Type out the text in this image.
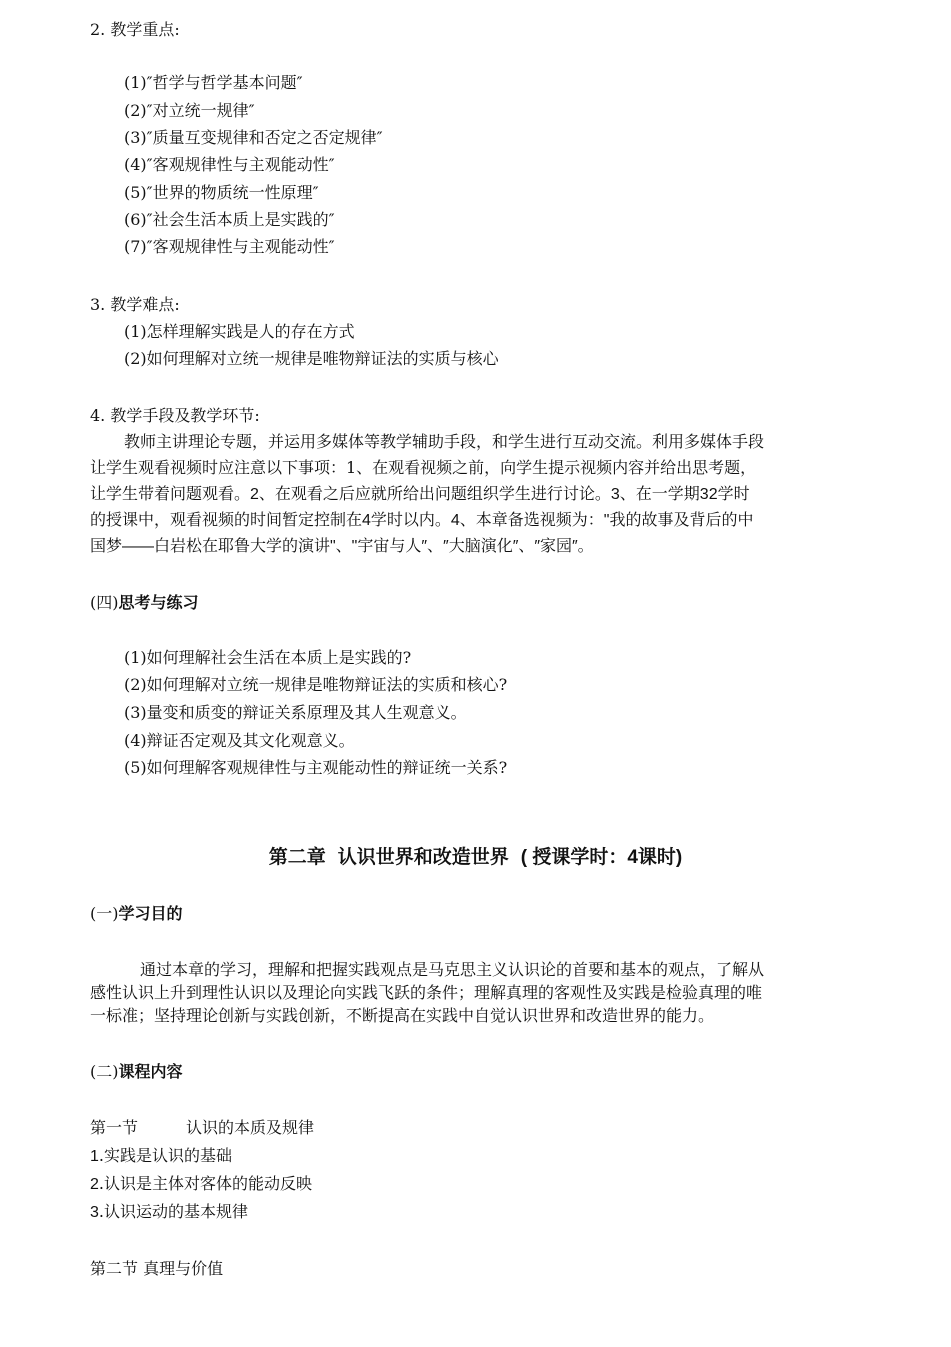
2. 教学重点:
(1)″哲学与哲学基本问题″
(2)″对立统一规律″
(3)″质量互变规律和否定之否定规律″
(4)″客观规律性与主观能动性″
(5)″世界的物质统一性原理″
(6)″社会生活本质上是实践的″
(7)″客观规律性与主观能动性″
3. 教学难点:
(1)怎样理解实践是人的存在方式
(2)如何理解对立统一规律是唯物辩证法的实质与核心
4. 教学手段及教学环节:
教师主讲理论专题，并运用多媒体等教学辅助手段，和学生进行互动交流。利用多媒体手段
让学生观看视频时应注意以下事项：1、在观看视频之前，向学生提示视频内容并给出思考题，
让学生带着问题观看。2、在观看之后应就所给出问题组织学生进行讨论。3、在一学期32学时
的授课中，观看视频的时间暂定控制在4学时以内。4、本章备选视频为："我的故事及背后的中
国梦——白岩松在耶鲁大学的演讲"、"宇宙与人″、″大脑演化″、″家园″。
(四)思考与练习
(1)如何理解社会生活在本质上是实践的?
(2)如何理解对立统一规律是唯物辩证法的实质和核心?
(3)量变和质变的辩证关系原理及其人生观意义。
(4)辩证否定观及其文化观意义。
(5)如何理解客观规律性与主观能动性的辩证统一关系?
第二章 认识世界和改造世界 ( 授课学时：4课时)
(一)学习目的
通过本章的学习，理解和把握实践观点是马克思主义认识论的首要和基本的观点，了解从
感性认识上升到理性认识以及理论向实践飞跃的条件；理解真理的客观性及实践是检验真理的唯
一标准；坚持理论创新与实践创新，不断提高在实践中自觉认识世界和改造世界的能力。
(二)课程内容
第一节	认识的本质及规律
1.实践是认识的基础
2.认识是主体对客体的能动反映
3.认识运动的基本规律
第二节 真理与价值
